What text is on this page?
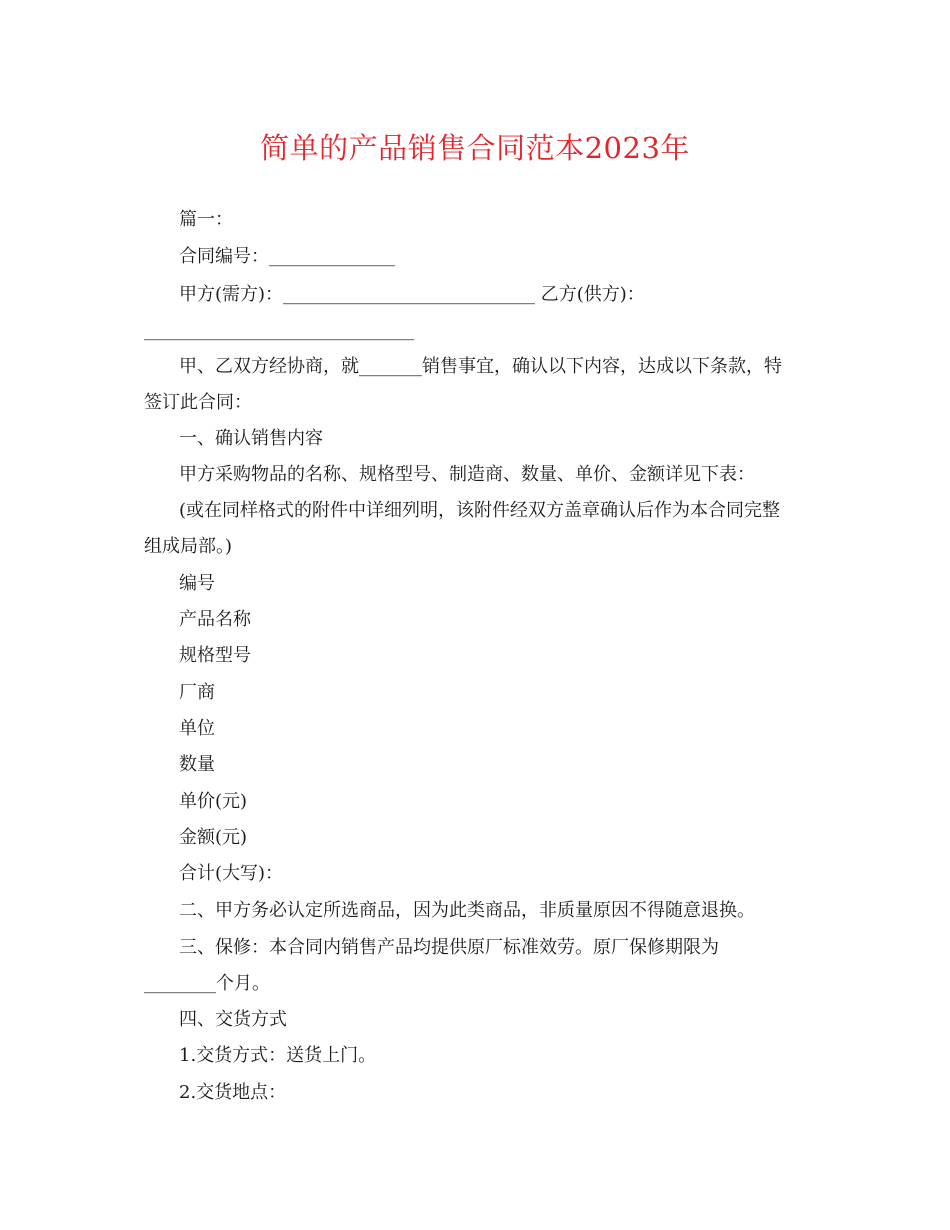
简单的产品销售合同范本2023年
篇一：
合同编号：______________
甲方(需方)：____________________________ 乙方(供方)：
______________________________
甲、乙双方经协商，就_______销售事宜，确认以下内容，达成以下条款，特
签订此合同：
一、确认销售内容
甲方采购物品的名称、规格型号、制造商、数量、单价、金额详见下表：
(或在同样格式的附件中详细列明，该附件经双方盖章确认后作为本合同完整
组成局部。)
编号
产品名称
规格型号
厂商
单位
数量
单价(元)
金额(元)
合计(大写)：
二、甲方务必认定所选商品，因为此类商品，非质量原因不得随意退换。
三、保修：本合同内销售产品均提供原厂标准效劳。原厂保修期限为
________个月。
四、交货方式
1.交货方式：送货上门。
2.交货地点：
